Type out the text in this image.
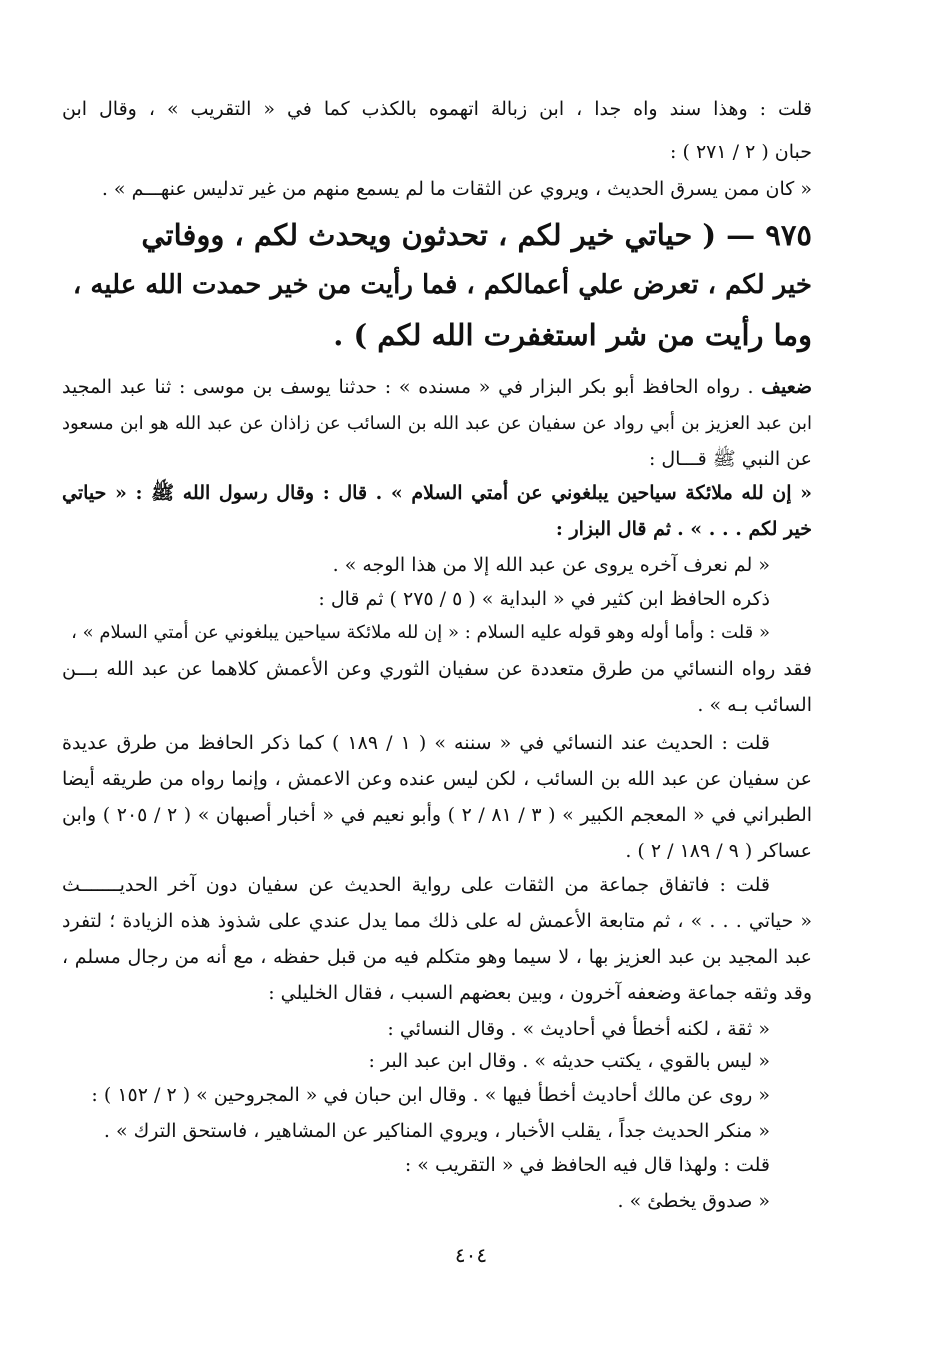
قلت : وهذا سند واه جدا ، ابن زبالة اتهموه بالكذب كما في « التقريب » ، وقال ابن
حبان ( ٢ / ٢٧١ ) :
« كان ممن يسرق الحديث ، ويروي عن الثقات ما لم يسمع منهم من غير تدليس عنهـــم » .
٩٧٥ — ( حياتي خير لكم ، تحدثون ويحدث لكم ، ووفاتي
خير لكم ، تعرض علي أعمالكم ، فما رأيت من خير حمدت الله عليه ،
وما رأيت من شر استغفرت الله لكم ) .
ضعيف . رواه الحافظ أبو بكر البزار في « مسنده » : حدثنا يوسف بن موسى : ثنا عبد المجيد
ابن عبد العزيز بن أبي رواد عن سفيان عن عبد الله بن السائب عن زاذان عن عبد الله هو ابن مسعود
عن النبي ﷺ قـــال :
« إن لله ملائكة سياحين يبلغوني عن أمتي السلام » . قال : وقال رسول الله ﷺ : « حياتي
خير لكم . . . » . ثم قال البزار :
« لم نعرف آخره يروى عن عبد الله إلا من هذا الوجه » .
ذكره الحافظ ابن كثير في « البداية » ( ٥ / ٢٧٥ ) ثم قال :
« قلت : وأما أوله وهو قوله عليه السلام : « إن لله ملائكة سياحين يبلغوني عن أمتي السلام » ،
فقد رواه النسائي من طرق متعددة عن سفيان الثوري وعن الأعمش كلاهما عن عبد الله بـــن
السائب بـه » .
قلت : الحديث عند النسائي في « سننه » ( ١ / ١٨٩ ) كما ذكر الحافظ من طرق عديدة
عن سفيان عن عبد الله بن السائب ، لكن ليس عنده وعن الاعمش ، وإنما رواه من طريقه أيضا
الطبراني في « المعجم الكبير » ( ٣ / ٨١ / ٢ ) وأبو نعيم في « أخبار أصبهان » ( ٢ / ٢٠٥ ) وابن
عساكر ( ٩ / ١٨٩ / ٢ ) .
قلت : فاتفاق جماعة من الثقات على رواية الحديث عن سفيان دون آخر الحديـــــــث
« حياتي . . . » ، ثم متابعة الأعمش له على ذلك مما يدل عندي على شذوذ هذه الزيادة ؛ لتفرد
عبد المجيد بن عبد العزيز بها ، لا سيما وهو متكلم فيه من قبل حفظه ، مع أنه من رجال مسلم ،
وقد وثقه جماعة وضعفه آخرون ، وبين بعضهم السبب ، فقال الخليلي :
« ثقة ، لكنه أخطأ في أحاديث » . وقال النسائي :
« ليس بالقوي ، يكتب حديثه » . وقال ابن عبد البر :
« روى عن مالك أحاديث أخطأ فيها » . وقال ابن حبان في « المجروحين » ( ٢ / ١٥٢ ) :
« منكر الحديث جداً ، يقلب الأخبار ، ويروي المناكير عن المشاهير ، فاستحق الترك » .
قلت : ولهذا قال فيه الحافظ في « التقريب » :
« صدوق يخطئ » .
٤٠٤
